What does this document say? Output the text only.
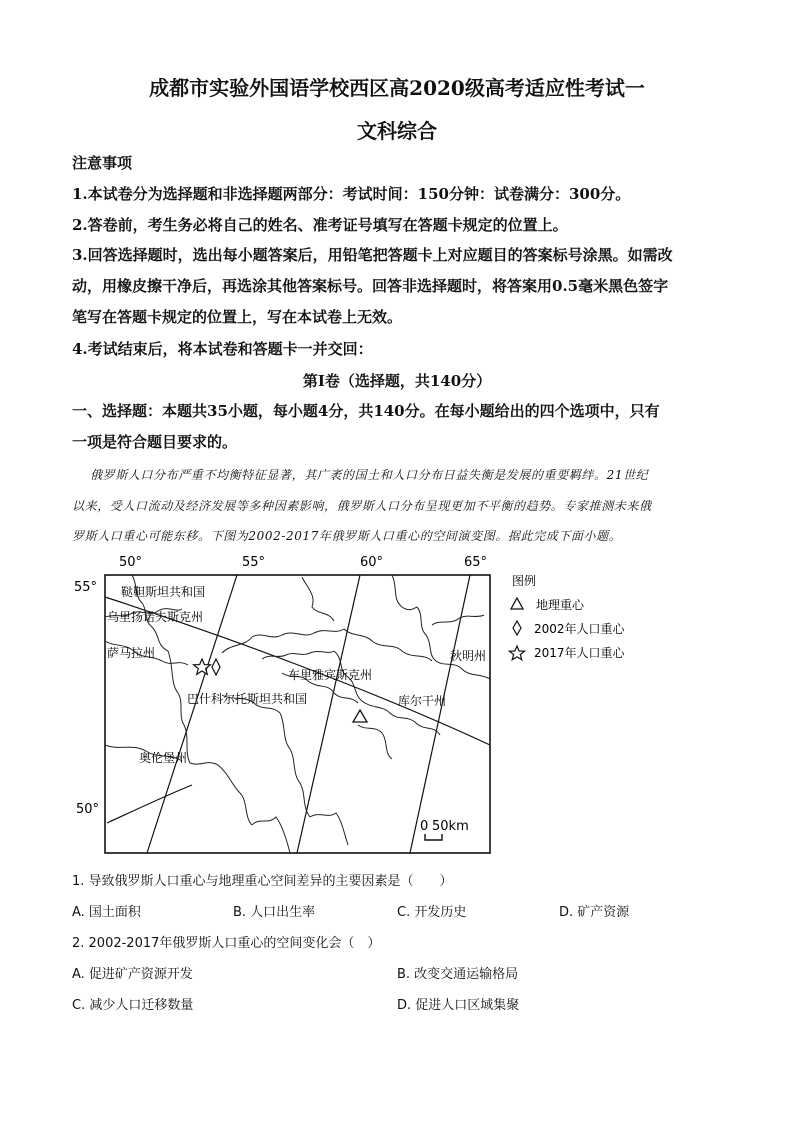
成都市实验外国语学校西区高2020级高考适应性考试一
文科综合
注意事项
1.本试卷分为选择题和非选择题两部分：考试时间：150分钟：试卷满分：300分。
2.答卷前，考生务必将自己的姓名、准考证号填写在答题卡规定的位置上。
3.回答选择题时，选出每小题答案后，用铅笔把答题卡上对应题目的答案标号涂黑。如需改
动，用橡皮擦干净后，再选涂其他答案标号。回答非选择题时，将答案用0.5毫米黑色签字
笔写在答题卡规定的位置上，写在本试卷上无效。
4.考试结束后，将本试卷和答题卡一并交回：
第Ⅰ卷（选择题，共140分）
一、选择题：本题共35小题，每小题4分，共140分。在每小题给出的四个选项中，只有
一项是符合题目要求的。
俄罗斯人口分布严重不均衡特征显著，其广袤的国土和人口分布日益失衡是发展的重要羁绊。21世纪
以来，受人口流动及经济发展等多种因素影响，俄罗斯人口分布呈现更加不平衡的趋势。专家推测未来俄
罗斯人口重心可能东移。下图为2002-2017年俄罗斯人口重心的空间演变图。据此完成下面小题。
50°	55°	60°	65°
55°
50°
鞑靼斯坦共和国
乌里扬诺夫斯克州
萨马拉州
车里雅宾斯克州
秋明州
巴什科尔托斯坦共和国	库尔干州
奥伦堡州
0 50km
图例
地理重心
2002年人口重心
2017年人口重心
1. 导致俄罗斯人口重心与地理重心空间差异的主要因素是（　　）
A. 国土面积	B. 人口出生率	C. 开发历史	D. 矿产资源
2. 2002-2017年俄罗斯人口重心的空间变化会（　）
A. 促进矿产资源开发	B. 改变交通运输格局
C. 减少人口迁移数量	D. 促进人口区域集聚
